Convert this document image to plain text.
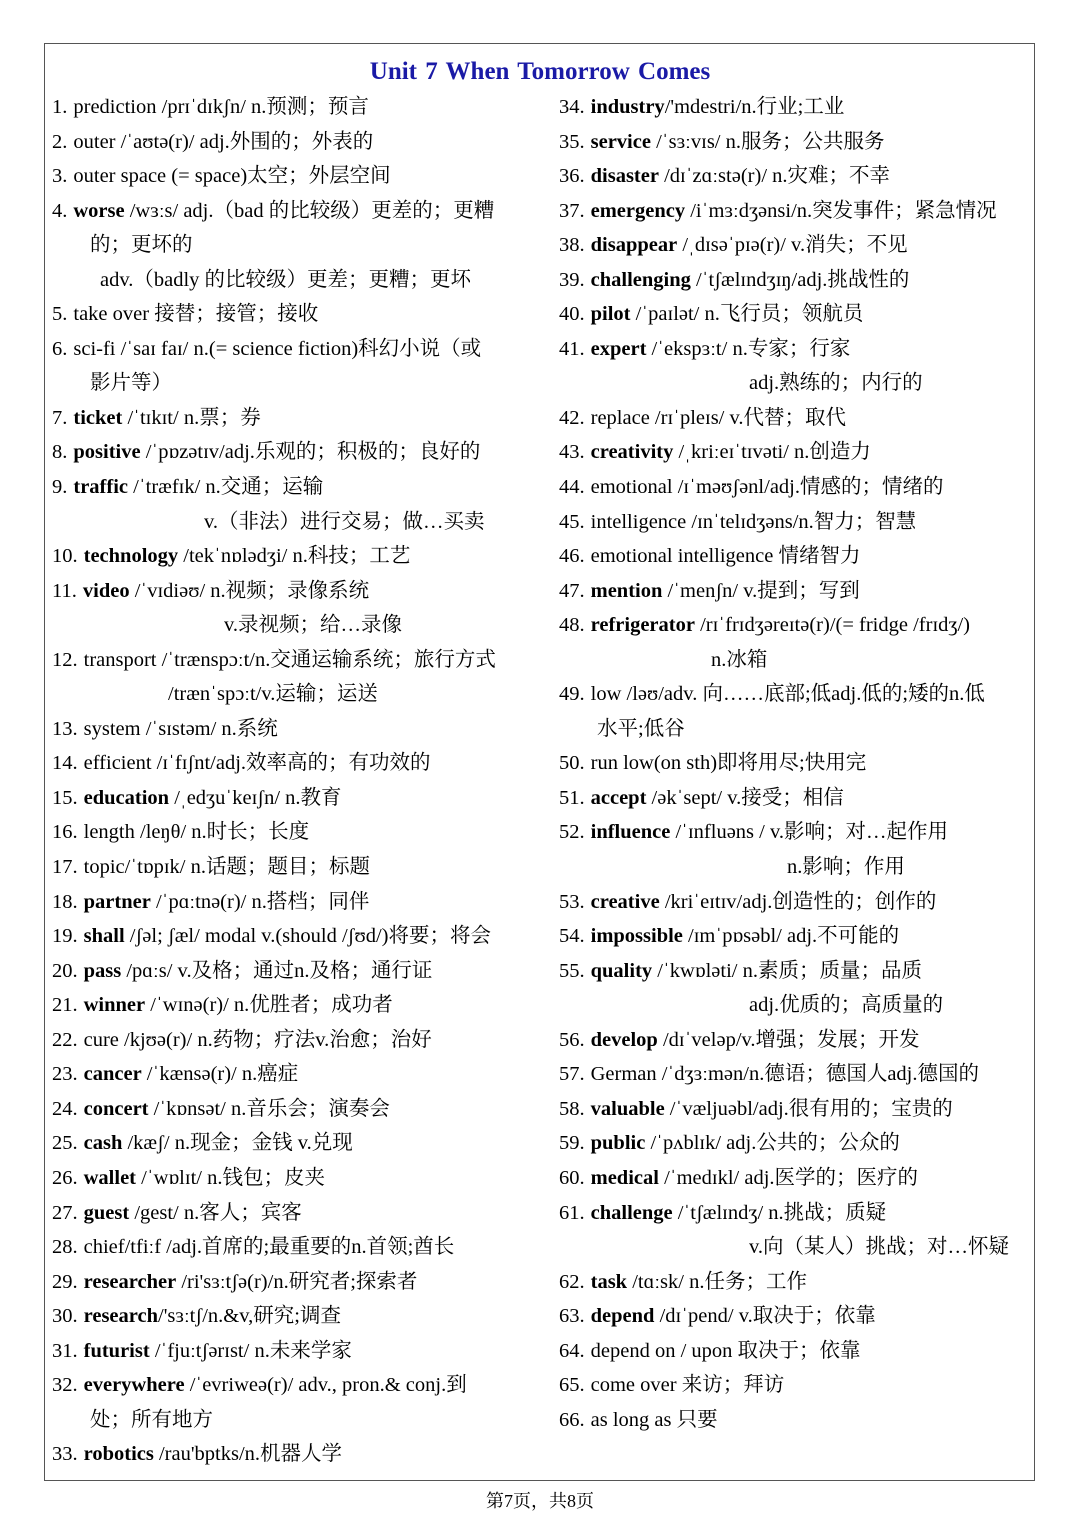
Unit 7 When Tomorrow Comes
1. prediction /prɪˈdɪkʃn/ n.预测；预言
2. outer /ˈaʊtə(r)/ adj.外围的；外表的
3. outer space (= space)太空；外层空间
4. worse /wɜːs/ adj.（bad 的比较级）更差的；更糟
的；更坏的
adv.（badly 的比较级）更差；更糟；更坏
5. take over 接替；接管；接收
6. sci-fi /ˈsaɪ faɪ/ n.(= science fiction)科幻小说（或
影片等）
7. ticket /ˈtɪkɪt/ n.票；券
8. positive /ˈpɒzətɪv/adj.乐观的；积极的；良好的
9. traffic /ˈtræfɪk/ n.交通；运输
v.（非法）进行交易；做…买卖
10. technology /tekˈnɒlədʒi/ n.科技；工艺
11. video /ˈvɪdiəʊ/ n.视频；录像系统
v.录视频；给…录像
12. transport /ˈtrænspɔːt/n.交通运输系统；旅行方式
/trænˈspɔːt/v.运输；运送
13. system /ˈsɪstəm/ n.系统
14. efficient /ɪˈfɪʃnt/adj.效率高的；有功效的
15. education /ˌedʒuˈkeɪʃn/ n.教育
16. length /leŋθ/ n.时长；长度
17. topic/ˈtɒpɪk/ n.话题；题目；标题
18. partner /ˈpɑːtnə(r)/ n.搭档；同伴
19. shall /ʃəl; ʃæl/ modal v.(should /ʃʊd/)将要；将会
20. pass /pɑːs/ v.及格；通过n.及格；通行证
21. winner /ˈwɪnə(r)/ n.优胜者；成功者
22. cure /kjʊə(r)/ n.药物；疗法v.治愈；治好
23. cancer /ˈkænsə(r)/ n.癌症
24. concert /ˈkɒnsət/ n.音乐会；演奏会
25. cash /kæʃ/ n.现金；金钱 v.兑现
26. wallet /ˈwɒlɪt/ n.钱包；皮夹
27. guest /gest/ n.客人；宾客
28. chief/tfiːf /adj.首席的;最重要的n.首领;酋长
29. researcher /ri'sɜːtʃə(r)/n.研究者;探索者
30. research/'sɜːtʃ/n.&v,研究;调查
31. futurist /ˈfjuːtʃərɪst/ n.未来学家
32. everywhere /ˈevriweə(r)/ adv., pron.& conj.到
处；所有地方
33. robotics /rau'bptks/n.机器人学
34. industry/'mdestri/n.行业;工业
35. service /ˈsɜːvɪs/ n.服务；公共服务
36. disaster /dɪˈzɑːstə(r)/ n.灾难；不幸
37. emergency /iˈmɜːdʒənsi/n.突发事件；紧急情况
38. disappear /ˌdɪsəˈpɪə(r)/ v.消失；不见
39. challenging /ˈtʃælɪndʒɪŋ/adj.挑战性的
40. pilot /ˈpaɪlət/ n.飞行员；领航员
41. expert /ˈekspɜːt/ n.专家；行家
adj.熟练的；内行的
42. replace /rɪˈpleɪs/ v.代替；取代
43. creativity /ˌkriːeɪˈtɪvəti/ n.创造力
44. emotional /ɪˈməʊʃənl/adj.情感的；情绪的
45. intelligence /ɪnˈtelɪdʒəns/n.智力；智慧
46. emotional intelligence 情绪智力
47. mention /ˈmenʃn/ v.提到；写到
48. refrigerator /rɪˈfrɪdʒəreɪtə(r)/(= fridge /frɪdʒ/)
n.冰箱
49. low /ləʊ/adv. 向……底部;低adj.低的;矮的n.低
水平;低谷
50. run low(on sth)即将用尽;快用完
51. accept /əkˈsept/ v.接受；相信
52. influence /ˈɪnfluəns / v.影响；对…起作用
n.影响；作用
53. creative /kriˈeɪtɪv/adj.创造性的；创作的
54. impossible /ɪmˈpɒsəbl/ adj.不可能的
55. quality /ˈkwɒləti/ n.素质；质量；品质
adj.优质的；高质量的
56. develop /dɪˈveləp/v.增强；发展；开发
57. German /ˈdʒɜːmən/n.德语；德国人adj.德国的
58. valuable /ˈvæljuəbl/adj.很有用的；宝贵的
59. public /ˈpʌblɪk/ adj.公共的；公众的
60. medical /ˈmedɪkl/ adj.医学的；医疗的
61. challenge /ˈtʃælɪndʒ/ n.挑战；质疑
v.向（某人）挑战；对…怀疑
62. task /tɑːsk/ n.任务；工作
63. depend /dɪˈpend/ v.取决于；依靠
64. depend on / upon 取决于；依靠
65. come over 来访；拜访
66. as long as 只要
第7页，共8页
